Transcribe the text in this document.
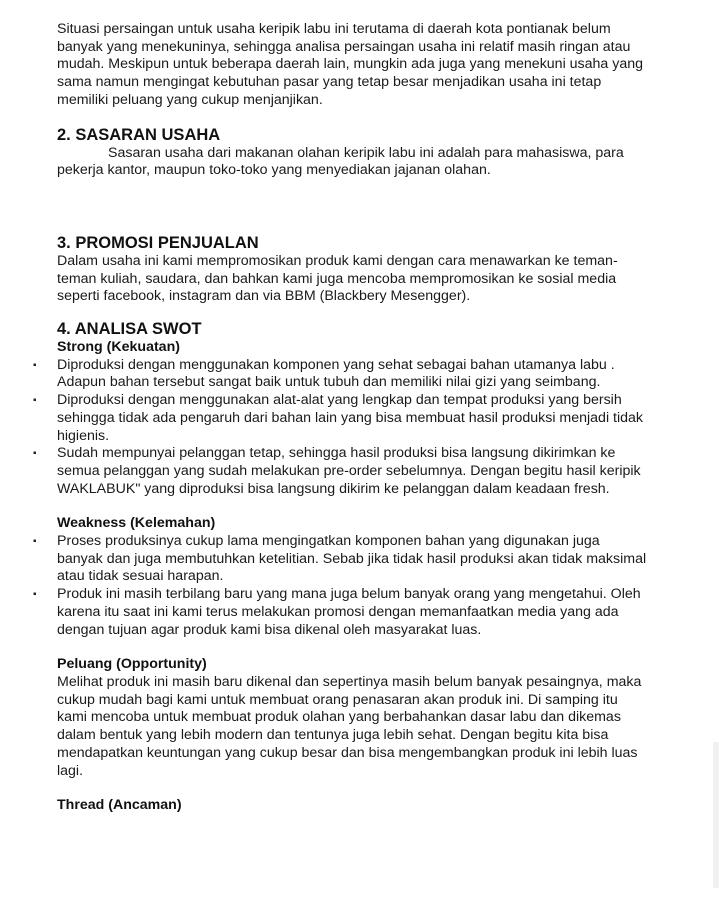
Situasi persaingan untuk usaha keripik labu ini terutama di daerah kota pontianak belum banyak yang menekuninya, sehingga analisa persaingan usaha ini relatif masih ringan atau mudah. Meskipun untuk beberapa daerah lain, mungkin ada juga yang menekuni usaha yang sama namun mengingat kebutuhan pasar yang tetap besar menjadikan usaha ini tetap memiliki peluang yang cukup menjanjikan.

2. SASARAN USAHA

Sasaran usaha dari makanan olahan keripik labu ini adalah para mahasiswa, para pekerja kantor, maupun toko-toko yang menyediakan jajanan olahan.

3. PROMOSI PENJUALAN

Dalam usaha ini kami mempromosikan produk kami dengan cara menawarkan ke teman-teman kuliah, saudara, dan bahkan kami juga mencoba mempromosikan ke sosial media seperti facebook, instagram dan via BBM (Blackbery Mesengger).

4. ANALISA SWOT

Strong (Kekuatan)

▪ Diproduksi dengan menggunakan komponen yang sehat sebagai bahan utamanya labu . Adapun bahan tersebut sangat baik untuk tubuh dan memiliki nilai gizi yang seimbang.
▪ Diproduksi dengan menggunakan alat-alat yang lengkap dan tempat produksi yang bersih sehingga tidak ada pengaruh dari bahan lain yang bisa membuat hasil produksi menjadi tidak higienis.
▪ Sudah mempunyai pelanggan tetap, sehingga hasil produksi bisa langsung dikirimkan ke semua pelanggan yang sudah melakukan pre-order sebelumnya. Dengan begitu hasil keripik WAKLABUK" yang diproduksi bisa langsung dikirim ke pelanggan dalam keadaan fresh.

Weakness (Kelemahan)

▪ Proses produksinya cukup lama mengingatkan komponen bahan yang digunakan juga banyak dan juga membutuhkan ketelitian. Sebab jika tidak hasil produksi akan tidak maksimal atau tidak sesuai harapan.
▪ Produk ini masih terbilang baru yang mana juga belum banyak orang yang mengetahui. Oleh karena itu saat ini kami terus melakukan promosi dengan memanfaatkan media yang ada dengan tujuan agar produk kami bisa dikenal oleh masyarakat luas.

Peluang (Opportunity)

Melihat produk ini masih baru dikenal dan sepertinya masih belum banyak pesaingnya, maka cukup mudah bagi kami untuk membuat orang penasaran akan produk ini. Di samping itu kami mencoba untuk membuat produk olahan yang berbahankan dasar labu dan dikemas dalam bentuk yang lebih modern dan tentunya juga lebih sehat. Dengan begitu kita bisa mendapatkan keuntungan yang cukup besar dan bisa mengembangkan produk ini lebih luas lagi.

Thread (Ancaman)
